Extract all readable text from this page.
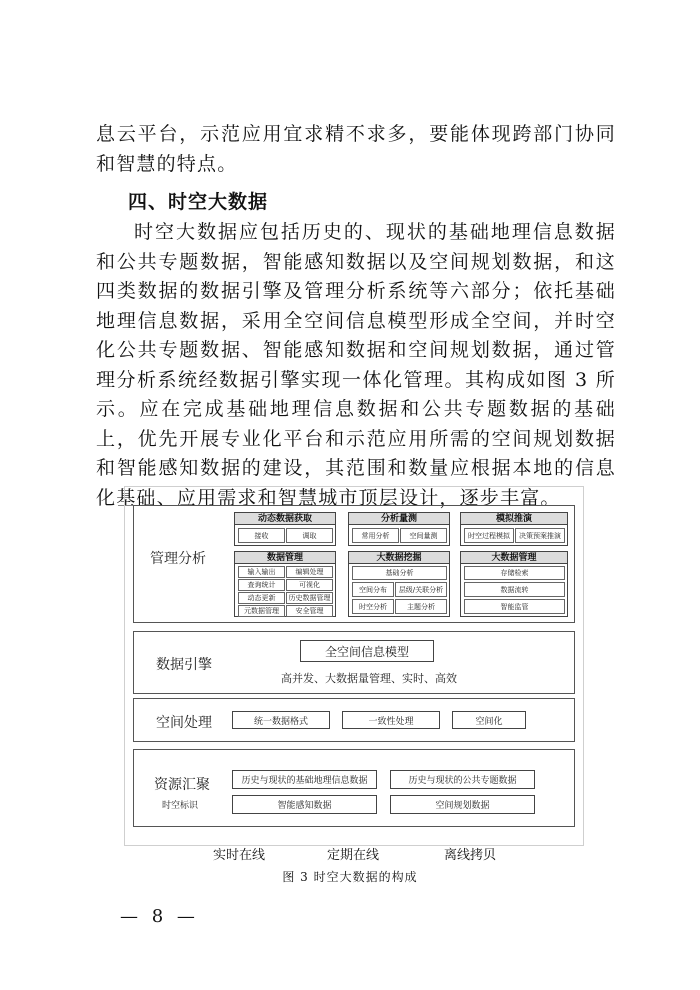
息云平台，示范应用宜求精不求多，要能体现跨部门协同和智慧的特点。

四、时空大数据

时空大数据应包括历史的、现状的基础地理信息数据和公共专题数据，智能感知数据以及空间规划数据，和这四类数据的数据引擎及管理分析系统等六部分；依托基础地理信息数据，采用全空间信息模型形成全空间，并时空化公共专题数据、智能感知数据和空间规划数据，通过管理分析系统经数据引擎实现一体化管理。其构成如图 3 所示。应在完成基础地理信息数据和公共专题数据的基础上，优先开展专业化平台和示范应用所需的空间规划数据和智能感知数据的建设，其范围和数量应根据本地的信息化基础、应用需求和智慧城市顶层设计，逐步丰富。

管理分析
动态数据获取
接收	调取
分析量测
常用分析	空间量测
模拟推演
时空过程模拟	决策预案推演
数据管理
输入输出	编辑处理
查询统计	可视化
动态更新	历史数据管理
元数据管理	安全管理
大数据挖掘
基础分析
空间分布	层级/关联分析
时空分析	主题分析
大数据管理
存储检索
数据流转
智能监管
数据引擎
全空间信息模型
高并发、大数据量管理、实时、高效
空间处理	统一数据格式	一致性处理	空间化
资源汇聚
时空标识
历史与现状的基础地理信息数据	历史与现状的公共专题数据
智能感知数据	空间规划数据
实时在线	定期在线	离线拷贝
图 3 时空大数据的构成
— 8 —
